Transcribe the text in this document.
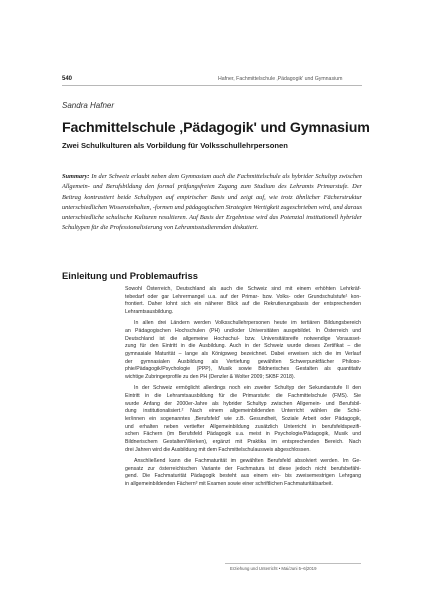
540	Hafner, Fachmittelschule ‚Pädagogik' und Gymnasium
Sandra Hafner
Fachmittelschule ‚Pädagogik' und Gymnasium
Zwei Schulkulturen als Vorbildung für Volksschullehrpersonen
Summary: In der Schweiz erlaubt neben dem Gymnasium auch die Fachmittelschule als hybrider Schultyp zwischen Allgemein- und Berufsbildung den formal prüfungsfreien Zugang zum Studium des Lehramts Primarstufe. Der Beitrag kontrastiert beide Schultypen auf empirischer Basis und zeigt auf, wie trotz ähnlicher Fächerstruktur unterschiedlichen Wissensinhalten, -formen und pädagogischen Strategien Wertigkeit zugeschrieben wird, und daraus unterschiedliche schulische Kulturen resultieren. Auf Basis der Ergebnisse wird das Potenzial institutionell hybrider Schultypen für die Professionalisierung von Lehramtsstudierenden diskutiert.
Einleitung und Problemaufriss
Sowohl Österreich, Deutschland als auch die Schweiz sind mit einem erhöhten Lehrkräf-
tebedarf oder gar Lehrermangel u.a. auf der Primar- bzw. Volks- oder Grundschulstufe¹ kon-
frontiert. Daher lohnt sich ein näherer Blick auf die Rekrutierungsbasis der entsprechenden
Lehramtsausbildung.
In allen drei Ländern werden Volksschullehrpersonen heute im tertiären Bildungsbereich
an Pädagogischen Hochschulen (PH) und/oder Universitäten ausgebildet. In Österreich und
Deutschland ist die allgemeine Hochschul- bzw. Universitätsreife notwendige Vorausset-
zung für den Eintritt in die Ausbildung. Auch in der Schweiz wurde dieses Zertifikat – die
gymnasiale Maturität – lange als Königsweg bezeichnet. Dabei erweisen sich die im Verlauf
der gymnasialen Ausbildung als Vertiefung gewählten Schwerpunktfächer Philoso-
phie/Pädagogik/Psychologie (PPP), Musik sowie Bildnerisches Gestalten als quantitativ
wichtige Zubringerprofile zu den PH (Denzler & Wolter 2009; SKBF 2018).
In der Schweiz ermöglicht allerdings noch ein zweiter Schultyp der Sekundarstufe II den
Eintritt in die Lehramtsausbildung für die Primarstufe: die Fachmittelschule (FMS). Sie
wurde Anfang der 2000er-Jahre als hybrider Schultyp zwischen Allgemein- und Berufsbil-
dung institutionalisiert.² Nach einem allgemeinbildenden Unterricht wählen die Schü-
ler/innen ein sogenanntes ‚Berufsfeld' wie z.B. Gesundheit, Soziale Arbeit oder Pädagogik,
und erhalten neben vertiefter Allgemeinbildung zusätzlich Unterricht in berufsfeldspezifi-
schen Fächern (im Berufsfeld Pädagogik u.a. meist in Psychologie/Pädagogik, Musik und
Bildnerischem Gestalten/Werken), ergänzt mit Praktika im entsprechenden Bereich. Nach
drei Jahren wird die Ausbildung mit dem Fachmittelschulausweis abgeschlossen.
Anschließend kann die Fachmaturität im gewählten Berufsfeld absolviert werden. Im Ge-
gensatz zur österreichischen Variante der Fachmatura ist diese jedoch nicht berufsbefähi-
gend. Die Fachmaturität Pädagogik besteht aus einem ein- bis zweisemestrigen Lehrgang
in allgemeinbildenden Fächern³ mit Examen sowie einer schriftlichen Fachmaturitätsarbeit.
Erziehung und Unterricht • Mai/Juni 5–6|2019
